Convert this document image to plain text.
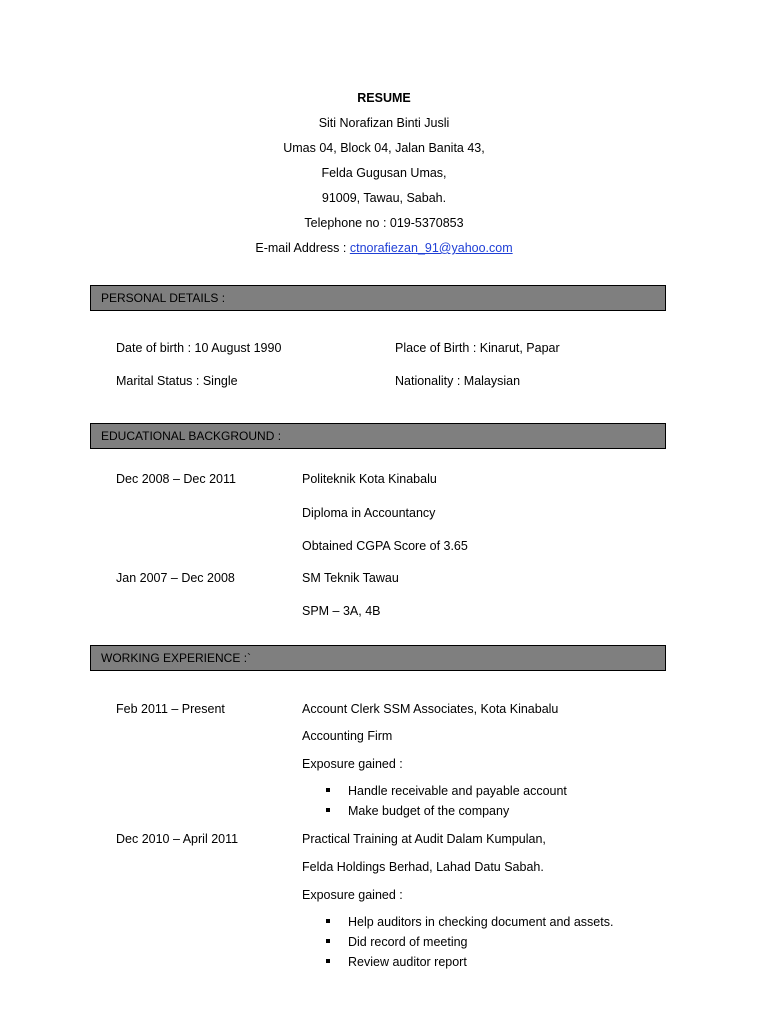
RESUME
Siti Norafizan Binti Jusli
Umas 04, Block 04, Jalan Banita 43,
Felda Gugusan Umas,
91009, Tawau, Sabah.
Telephone no : 019-5370853
E-mail Address : ctnorafiezan_91@yahoo.com
PERSONAL DETAILS :
Date of birth : 10 August 1990	Place of Birth : Kinarut, Papar
Marital Status : Single	Nationality : Malaysian
EDUCATIONAL BACKGROUND :
Dec 2008 – Dec 2011	Politeknik Kota Kinabalu
Diploma in Accountancy
Obtained CGPA Score of 3.65
Jan 2007 – Dec 2008	SM Teknik Tawau
SPM – 3A, 4B
WORKING EXPERIENCE :`
Feb 2011 – Present	Account Clerk SSM Associates, Kota Kinabalu
Accounting Firm
Exposure gained :
Handle receivable and payable account
Make budget of the company
Dec 2010 – April 2011	Practical Training at Audit Dalam Kumpulan,
Felda Holdings Berhad, Lahad Datu Sabah.
Exposure gained :
Help auditors in checking document and assets.
Did record of meeting
Review auditor report
